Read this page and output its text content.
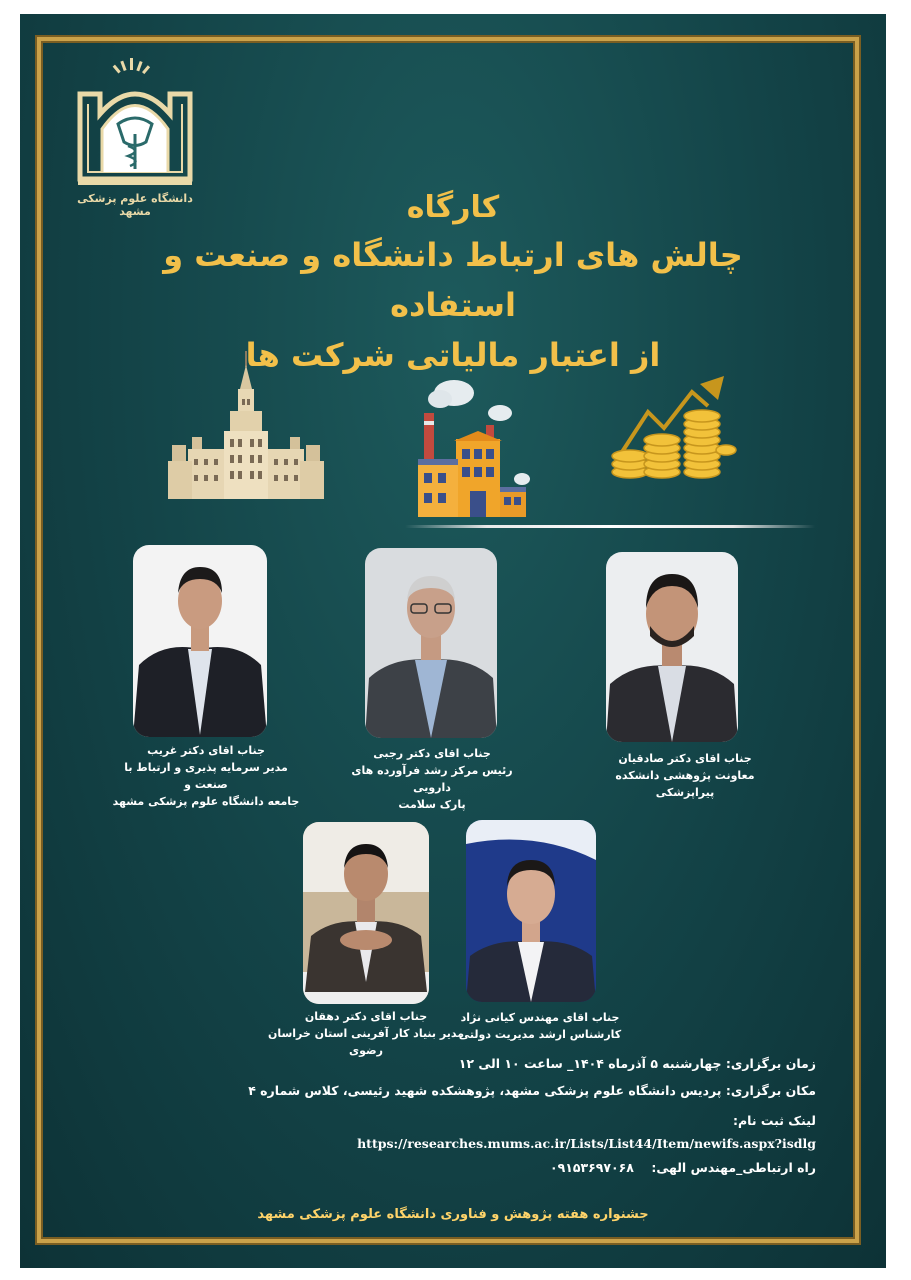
دانشگاه علوم پزشکی مشهد	کارگاه
چالش های ارتباط دانشگاه و صنعت و استفاده
از اعتبار مالیاتی شرکت ها
جناب اقای دکتر غریب
مدیر سرمایه پذیری و ارتباط با صنعت و
جامعه دانشگاه علوم پزشکی مشهد
جناب اقای دکتر رجبی
رئیس مرکز رشد فرآورده های دارویی
پارک سلامت
جناب اقای دکتر صادقیان
معاونت پژوهشی دانشکده پیراپزشکی
جناب اقای دکتر دهقان
مدیر بنیاد کار آفرینی استان خراسان
رضوی
جناب اقای مهندس کیانی نژاد
کارشناس ارشد مدیریت دولتی
زمان برگزاری: چهارشنبه ۵ آذرماه ۱۴۰۴_ ساعت ۱۰ الی ۱۲
مکان برگزاری: پردیس دانشگاه علوم پزشکی مشهد، پژوهشکده شهید رئیسی، کلاس شماره ۴
لینک ثبت نام:
https://researches.mums.ac.ir/Lists/List44/Item/newifs.aspx?isdlg
راه ارتباطی_مهندس الهی:    ۰۹۱۵۳۶۹۷۰۶۸
جشنواره هفته پژوهش و فناوری دانشگاه علوم پزشکی مشهد
